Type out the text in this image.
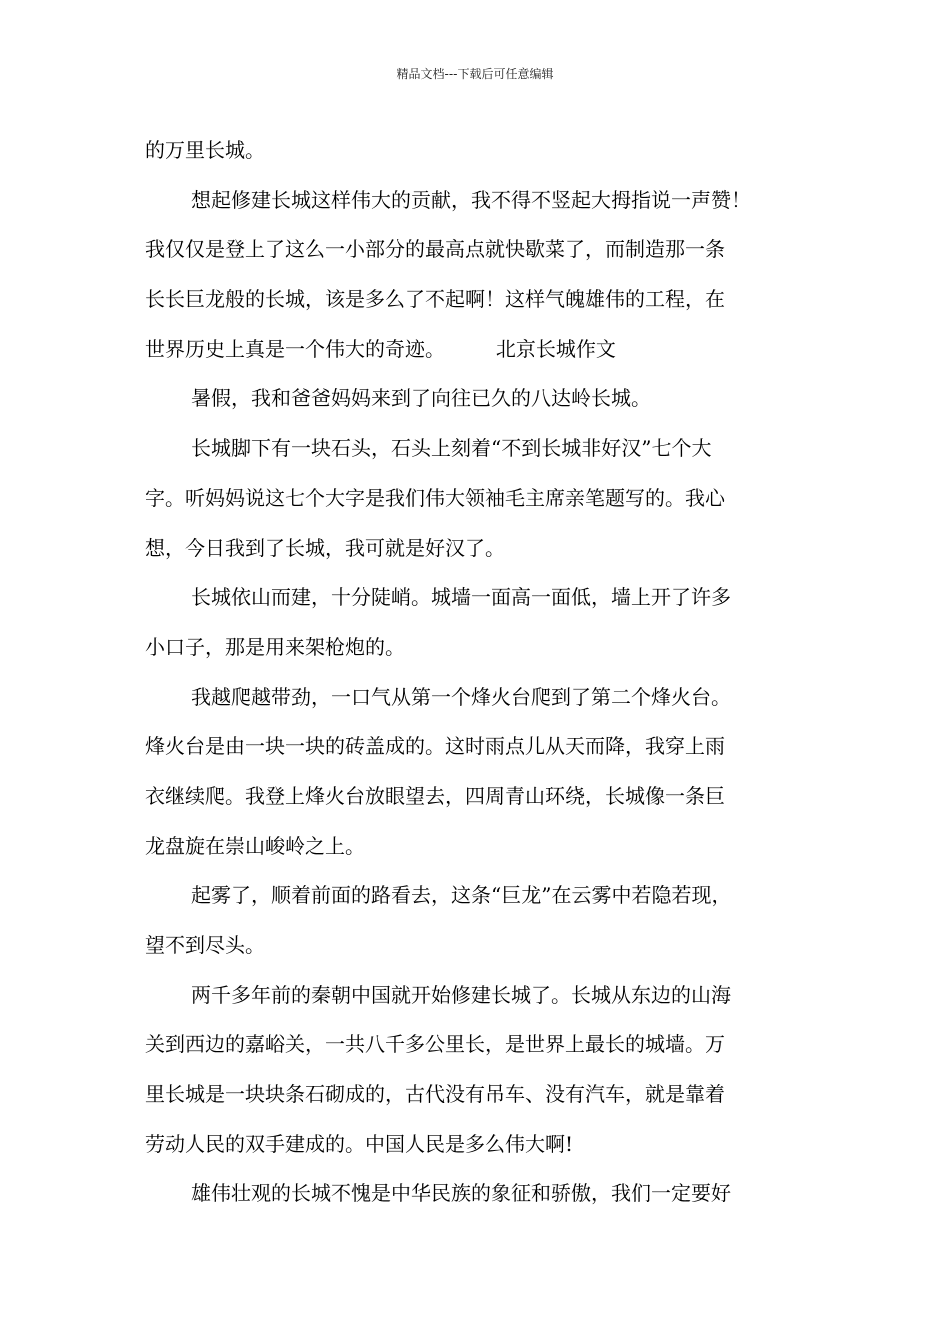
精品文档---下载后可任意编辑
的万里长城。
想起修建长城这样伟大的贡献，我不得不竖起大拇指说一声赞！
我仅仅是登上了这么一小部分的最高点就快歇菜了，而制造那一条
长长巨龙般的长城，该是多么了不起啊！这样气魄雄伟的工程，在
世界历史上真是一个伟大的奇迹。        北京长城作文
暑假，我和爸爸妈妈来到了向往已久的八达岭长城。
长城脚下有一块石头，石头上刻着“不到长城非好汉”七个大
字。听妈妈说这七个大字是我们伟大领袖毛主席亲笔题写的。我心
想，今日我到了长城，我可就是好汉了。
长城依山而建，十分陡峭。城墙一面高一面低，墙上开了许多
小口子，那是用来架枪炮的。
我越爬越带劲，一口气从第一个烽火台爬到了第二个烽火台。
烽火台是由一块一块的砖盖成的。这时雨点儿从天而降，我穿上雨
衣继续爬。我登上烽火台放眼望去，四周青山环绕，长城像一条巨
龙盘旋在崇山峻岭之上。
起雾了，顺着前面的路看去，这条“巨龙”在云雾中若隐若现，
望不到尽头。
两千多年前的秦朝中国就开始修建长城了。长城从东边的山海
关到西边的嘉峪关，一共八千多公里长，是世界上最长的城墙。万
里长城是一块块条石砌成的，古代没有吊车、没有汽车，就是靠着
劳动人民的双手建成的。中国人民是多么伟大啊!
雄伟壮观的长城不愧是中华民族的象征和骄傲，我们一定要好
